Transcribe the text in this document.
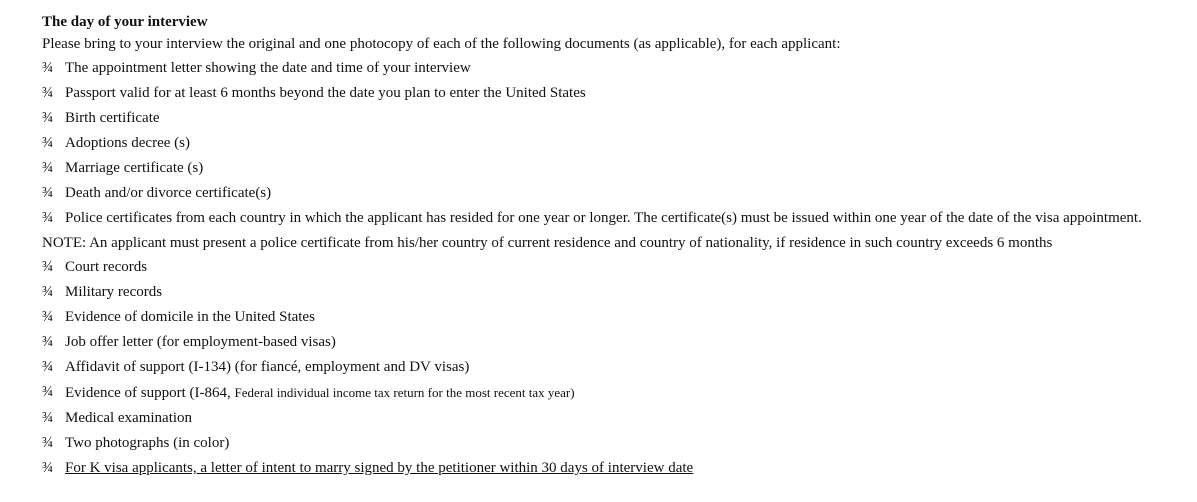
The day of your interview

Please bring to your interview the original and one photocopy of each of the following documents (as applicable), for each applicant:

¾ The appointment letter showing the date and time of your interview
¾ Passport valid for at least 6 months beyond the date you plan to enter the United States
¾ Birth certificate
¾ Adoptions decree (s)
¾ Marriage certificate (s)
¾ Death and/or divorce certificate(s)
¾ Police certificates from each country in which the applicant has resided for one year or longer. The certificate(s) must be issued within one year of the date of the visa appointment.

NOTE: An applicant must present a police certificate from his/her country of current residence and country of nationality, if residence in such country exceeds 6 months

¾ Court records
¾ Military records
¾ Evidence of domicile in the United States
¾ Job offer letter (for employment-based visas)
¾ Affidavit of support (I-134) (for fiancé, employment and DV visas)
¾ Evidence of support (I-864, Federal individual income tax return for the most recent tax year)
¾ Medical examination
¾ Two photographs (in color)
¾ For K visa applicants, a letter of intent to marry signed by the petitioner within 30 days of interview date
